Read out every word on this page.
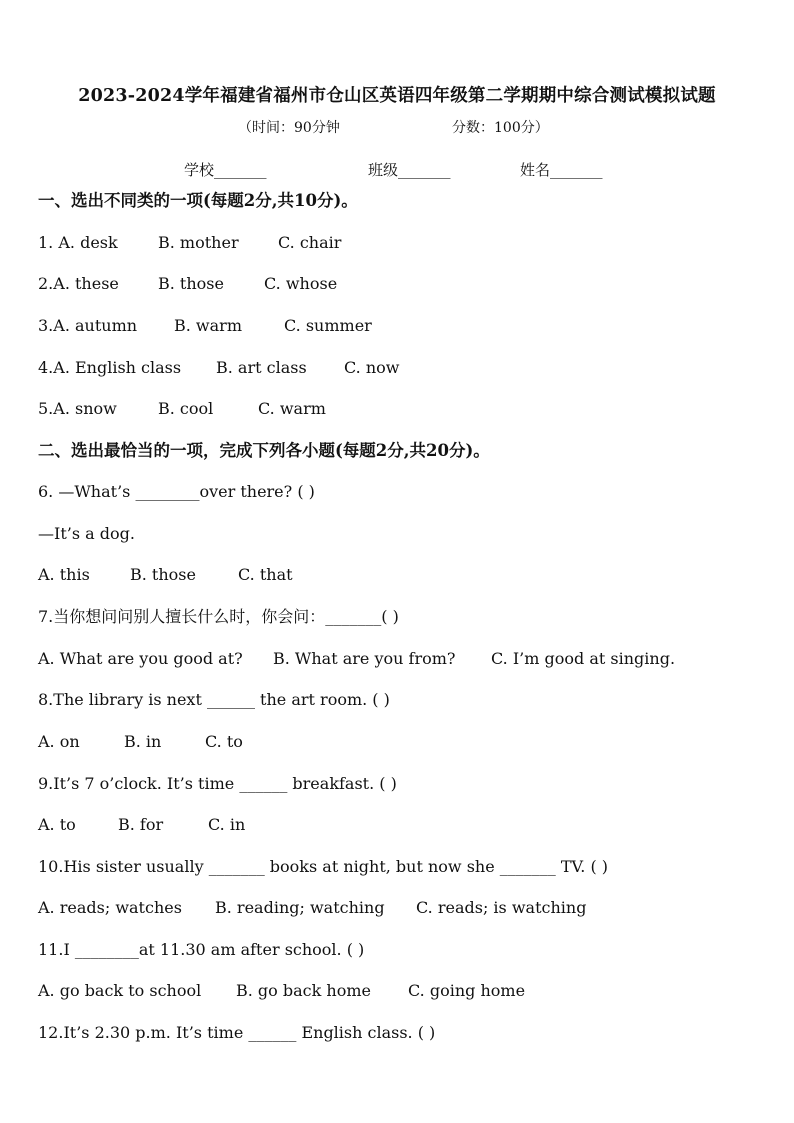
2023-2024学年福建省福州市仓山区英语四年级第二学期期中综合测试模拟试题
（时间：90分钟	分数：100分）
学校_______	班级_______	姓名_______
一、选出不同类的一项(每题2分,共10分)。
1. A. desk	B. mother C. chair
2.A. these B. those	C. whose
3.A. autumn B. warm	C. summer
4.A. English class B. art class C. now
5.A. snow	B. cool	C. warm
二、选出最恰当的一项，完成下列各小题(每题2分,共20分)。
6. —What’s ________over there? ( )
—It’s a dog.
A. this	B. those	C. that
7.当你想问问别人擅长什么时，你会问：_______( )
A. What are you good at? B. What are you from? C. I’m good at singing.
8.The library is next ______ the art room. ( )
A. on	B. in	C. to
9.It’s 7 o’clock. It’s time ______ breakfast. ( )
A. to	B. for	C. in
10.His sister usually _______ books at night, but now she _______ TV. ( )
A. reads; watches B. reading; watching C. reads; is watching
11.I ________at 11.30 am after school. ( )
A. go back to school B. go back home C. going home
12.It’s 2.30 p.m. It’s time ______ English class. ( )
